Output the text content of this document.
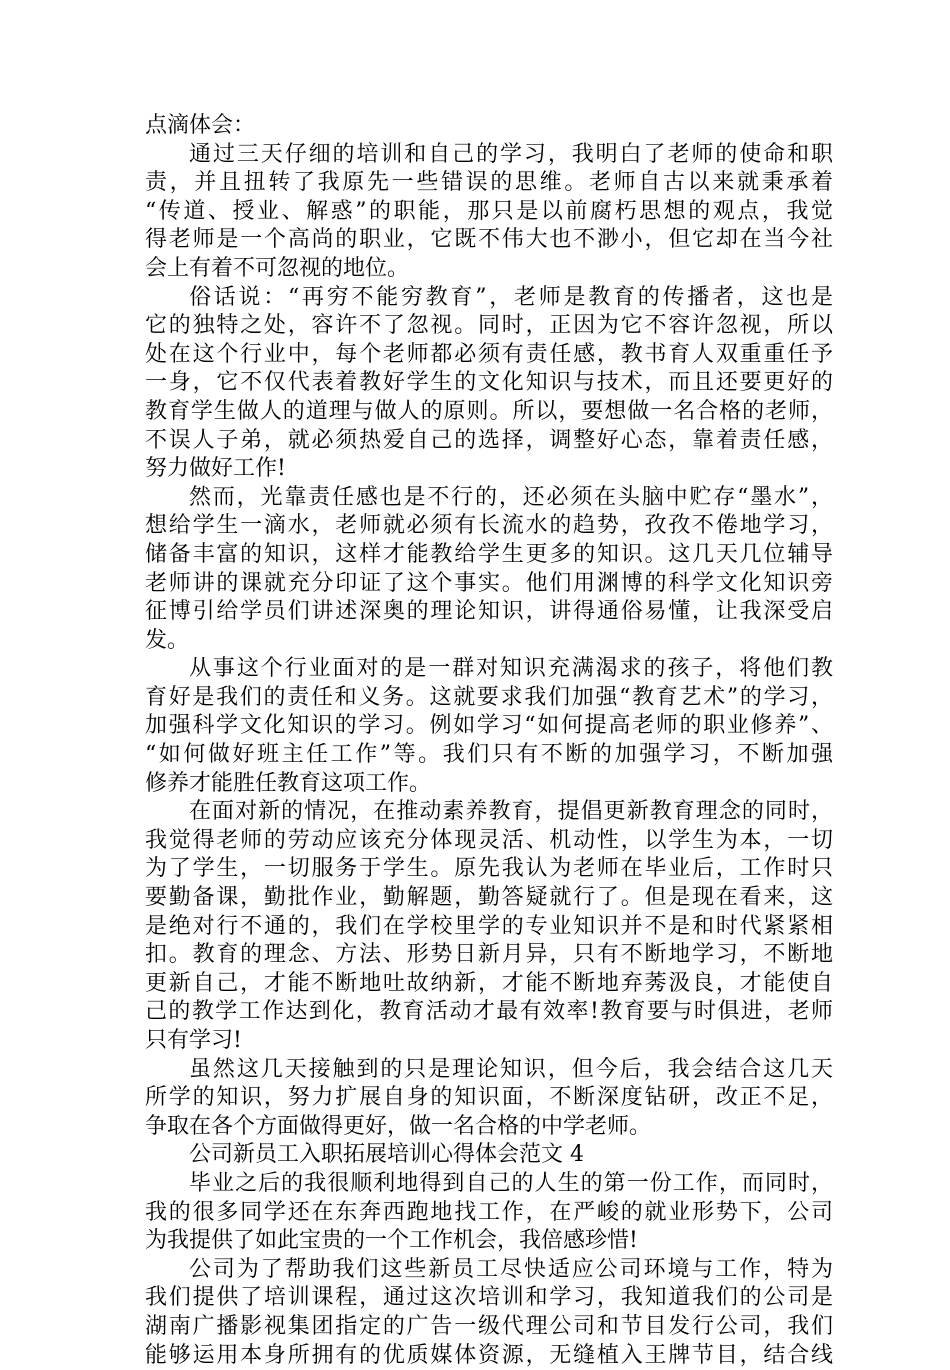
点滴体会：
通过三天仔细的培训和自己的学习，我明白了老师的使命和职
责，并且扭转了我原先一些错误的思维。老师自古以来就秉承着
“传道、授业、解惑”的职能，那只是以前腐朽思想的观点，我觉
得老师是一个高尚的职业，它既不伟大也不渺小，但它却在当今社
会上有着不可忽视的地位。
俗话说：“再穷不能穷教育”，老师是教育的传播者，这也是
它的独特之处，容许不了忽视。同时，正因为它不容许忽视，所以
处在这个行业中，每个老师都必须有责任感，教书育人双重重任予
一身，它不仅代表着教好学生的文化知识与技术，而且还要更好的
教育学生做人的道理与做人的原则。所以，要想做一名合格的老师，
不误人子弟，就必须热爱自己的选择，调整好心态，靠着责任感，
努力做好工作!
然而，光靠责任感也是不行的，还必须在头脑中贮存“墨水”，
想给学生一滴水，老师就必须有长流水的趋势，孜孜不倦地学习，
储备丰富的知识，这样才能教给学生更多的知识。这几天几位辅导
老师讲的课就充分印证了这个事实。他们用渊博的科学文化知识旁
征博引给学员们讲述深奥的理论知识，讲得通俗易懂，让我深受启
发。
从事这个行业面对的是一群对知识充满渴求的孩子，将他们教
育好是我们的责任和义务。这就要求我们加强“教育艺术”的学习，
加强科学文化知识的学习。例如学习“如何提高老师的职业修养”、
“如何做好班主任工作”等。我们只有不断的加强学习，不断加强
修养才能胜任教育这项工作。
在面对新的情况，在推动素养教育，提倡更新教育理念的同时，
我觉得老师的劳动应该充分体现灵活、机动性，以学生为本，一切
为了学生，一切服务于学生。原先我认为老师在毕业后，工作时只
要勤备课，勤批作业，勤解题，勤答疑就行了。但是现在看来，这
是绝对行不通的，我们在学校里学的专业知识并不是和时代紧紧相
扣。教育的理念、方法、形势日新月异，只有不断地学习，不断地
更新自己，才能不断地吐故纳新，才能不断地弃莠汲良，才能使自
己的教学工作达到化，教育活动才最有效率!教育要与时俱进，老师
只有学习!
虽然这几天接触到的只是理论知识，但今后，我会结合这几天
所学的知识，努力扩展自身的知识面，不断深度钻研，改正不足，
争取在各个方面做得更好，做一名合格的中学老师。
公司新员工入职拓展培训心得体会范文 4
毕业之后的我很顺利地得到自己的人生的第一份工作，而同时，
我的很多同学还在东奔西跑地找工作，在严峻的就业形势下，公司
为我提供了如此宝贵的一个工作机会，我倍感珍惜!
公司为了帮助我们这些新员工尽快适应公司环境与工作，特为
我们提供了培训课程，通过这次培训和学习，我知道我们的公司是
湖南广播影视集团指定的广告一级代理公司和节目发行公司，我们
能够运用本身所拥有的优质媒体资源，无缝植入王牌节目，结合线
